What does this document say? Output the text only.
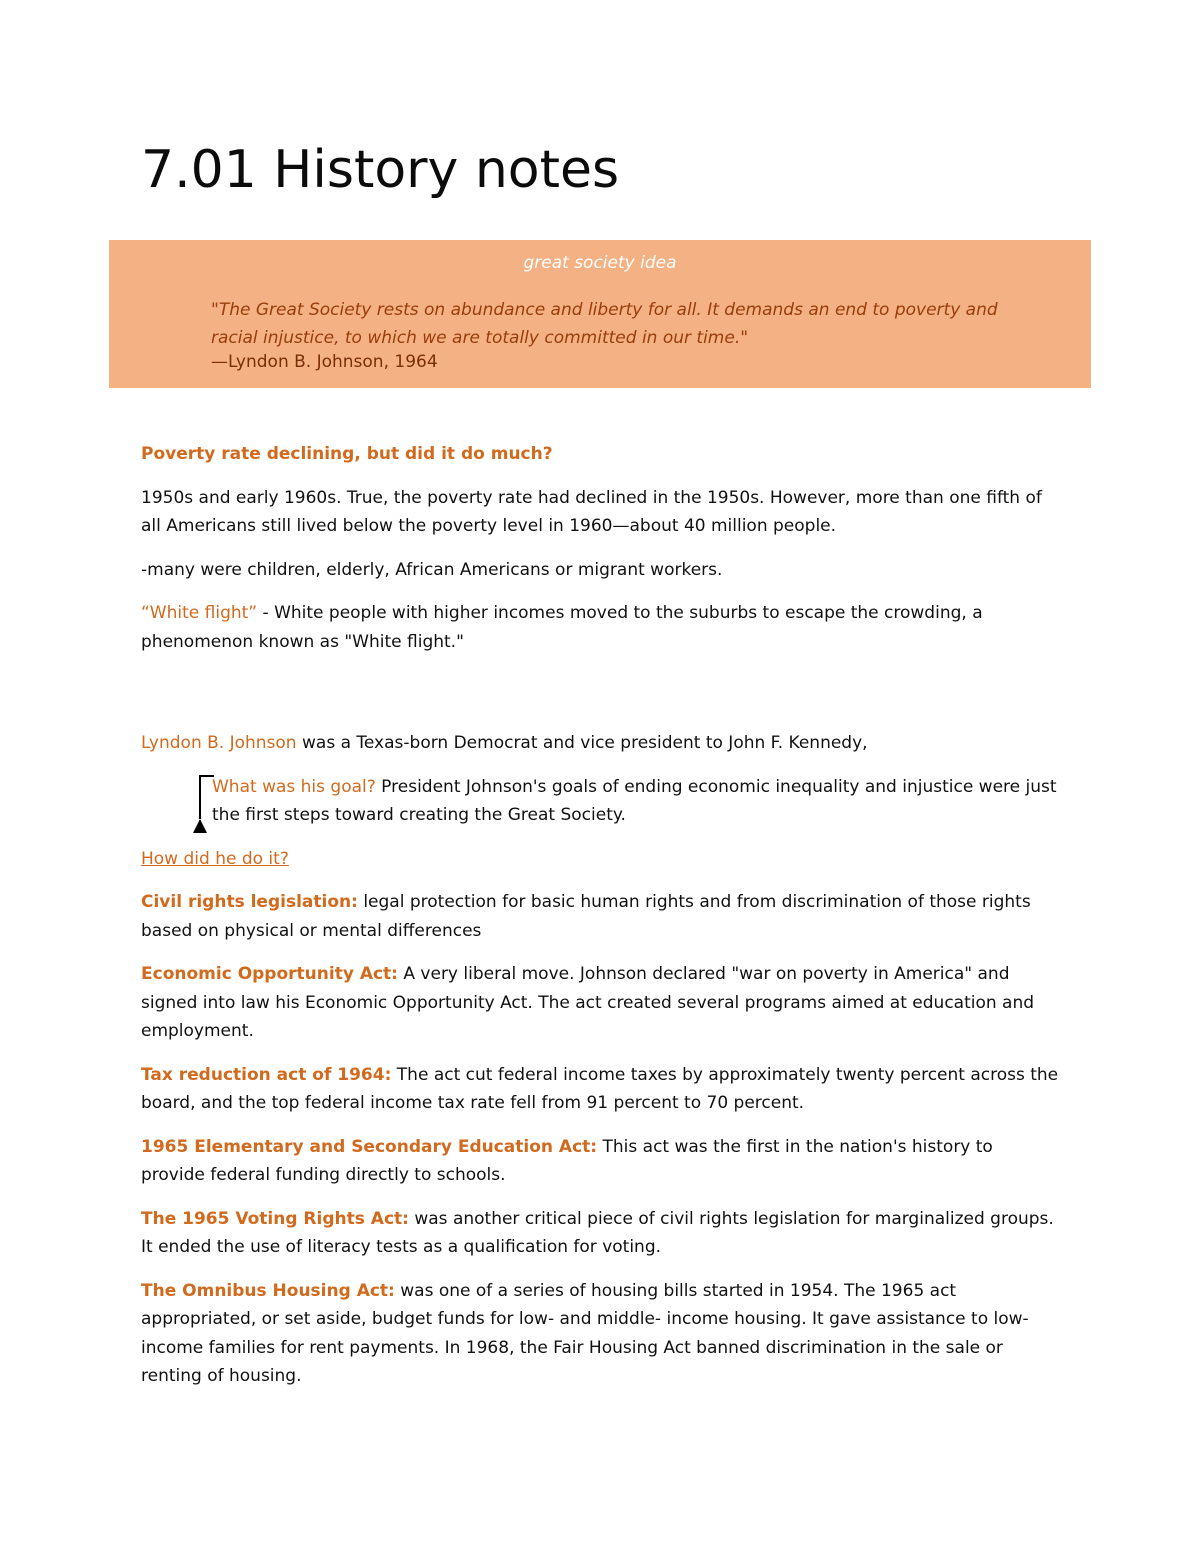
7.01 History notes
great society idea
"The Great Society rests on abundance and liberty for all. It demands an end to poverty and racial injustice, to which we are totally committed in our time."
—Lyndon B. Johnson, 1964

Poverty rate declining, but did it do much?

1950s and early 1960s. True, the poverty rate had declined in the 1950s. However, more than one fifth of all Americans still lived below the poverty level in 1960—about 40 million people.

-many were children, elderly, African Americans or migrant workers.

“White flight” - White people with higher incomes moved to the suburbs to escape the crowding, a phenomenon known as "White flight."

Lyndon B. Johnson was a Texas-born Democrat and vice president to John F. Kennedy,

What was his goal? President Johnson's goals of ending economic inequality and injustice were just the first steps toward creating the Great Society.

How did he do it?

Civil rights legislation: legal protection for basic human rights and from discrimination of those rights based on physical or mental differences

Economic Opportunity Act: A very liberal move. Johnson declared "war on poverty in America" and signed into law his Economic Opportunity Act. The act created several programs aimed at education and employment.

Tax reduction act of 1964: The act cut federal income taxes by approximately twenty percent across the board, and the top federal income tax rate fell from 91 percent to 70 percent.

1965 Elementary and Secondary Education Act: This act was the first in the nation's history to provide federal funding directly to schools.

The 1965 Voting Rights Act: was another critical piece of civil rights legislation for marginalized groups. It ended the use of literacy tests as a qualification for voting.

The Omnibus Housing Act: was one of a series of housing bills started in 1954. The 1965 act appropriated, or set aside, budget funds for low- and middle- income housing. It gave assistance to low-income families for rent payments. In 1968, the Fair Housing Act banned discrimination in the sale or renting of housing.
